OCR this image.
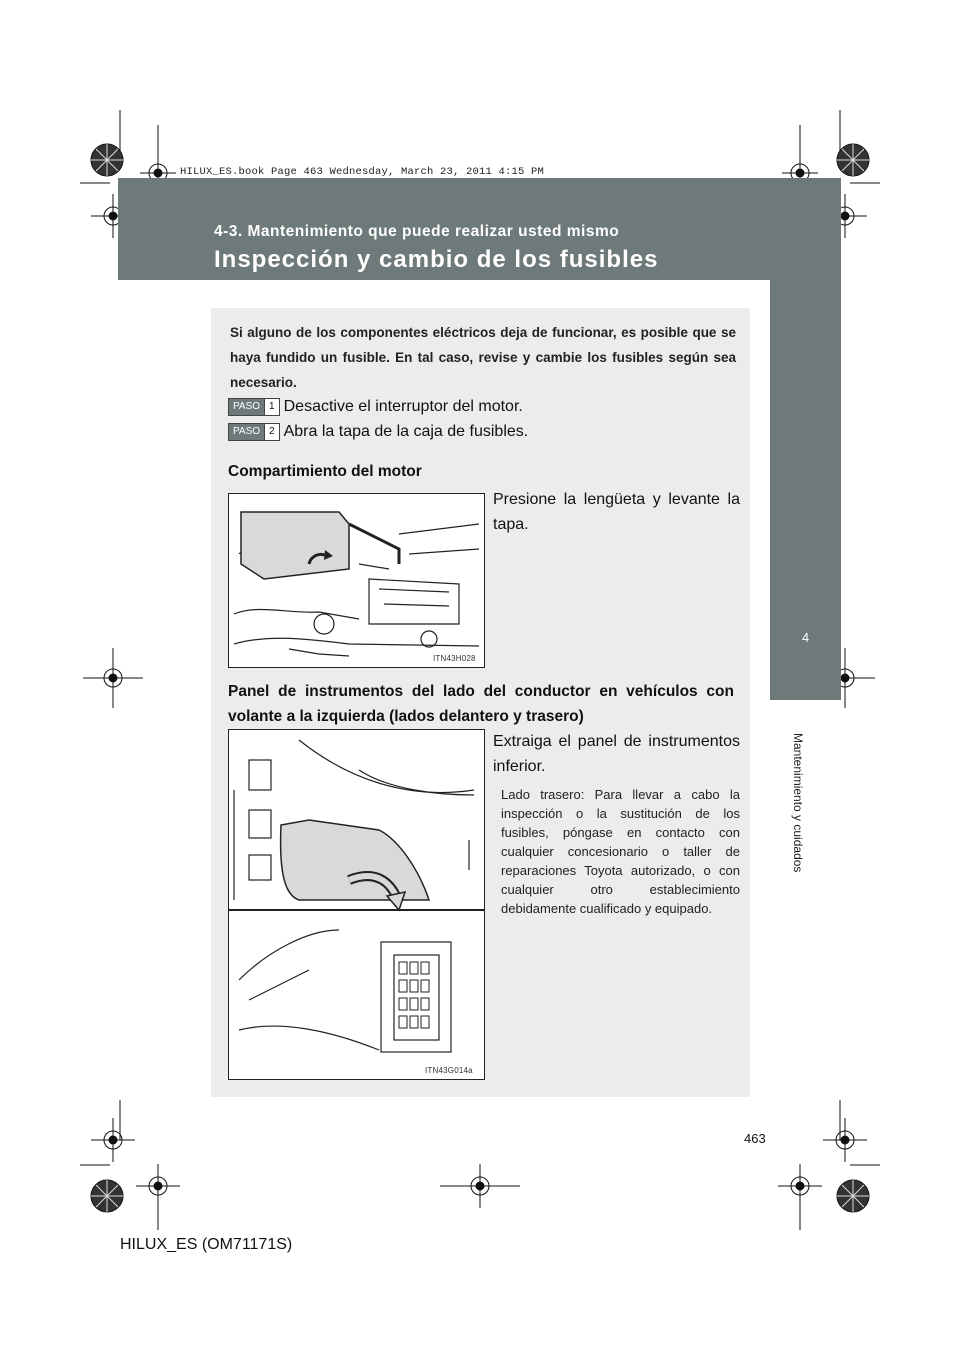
HILUX_ES.book Page 463 Wednesday, March 23, 2011 4:15 PM
4-3. Mantenimiento que puede realizar usted mismo
Inspección y cambio de los fusibles
4
Mantenimiento y cuidados
Si alguno de los componentes eléctricos deja de funcionar, es posible que se haya fundido un fusible. En tal caso, revise y cambie los fusibles según sea necesario.
PASO 1 Desactive el interruptor del motor.
PASO 2 Abra la tapa de la caja de fusibles.
Compartimiento del motor
Presione la lengüeta y levante la tapa.
ITN43H028
Panel de instrumentos del lado del conductor en vehículos con volante a la izquierda (lados delantero y trasero)
Extraiga el panel de instrumentos inferior.
Lado trasero: Para llevar a cabo la inspección o la sustitución de los fusibles, póngase en contacto con cualquier concesionario o taller de reparaciones Toyota autorizado, o con cualquier otro establecimiento debidamente cualificado y equipado.
ITN43G014a
463
HILUX_ES (OM71171S)
